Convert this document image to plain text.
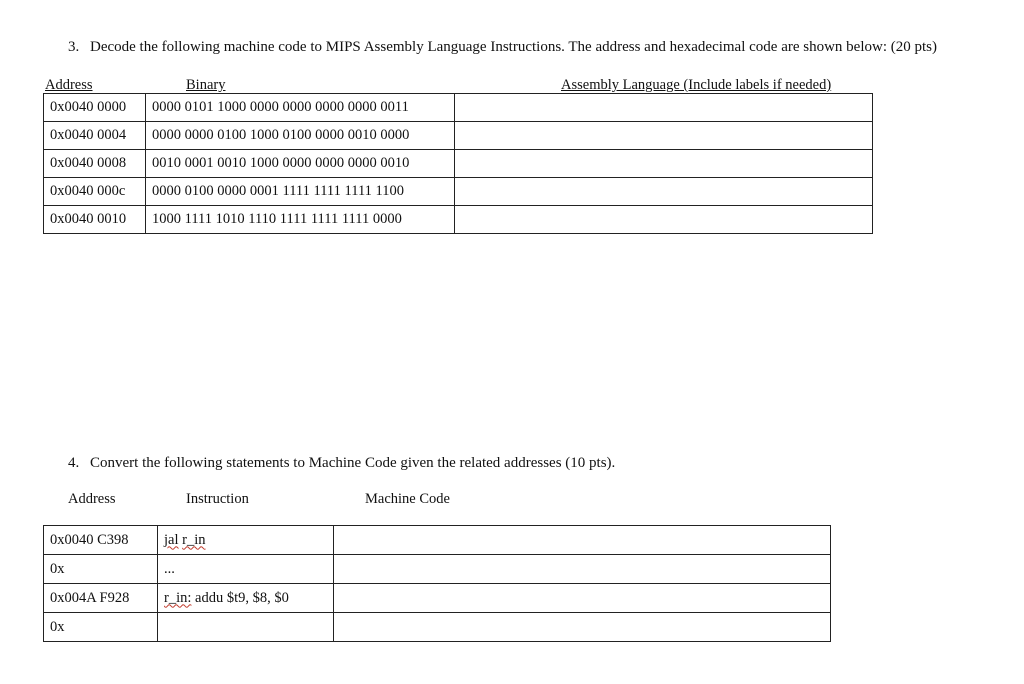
3. Decode the following machine code to MIPS Assembly Language Instructions. The address and hexadecimal code are shown below: (20 pts)
Address	Binary	Assembly Language (Include labels if needed)
0x0040 0000	0000 0101 1000 0000 0000 0000 0000 0011	
0x0040 0004	0000 0000 0100 1000 0100 0000 0010 0000	
0x0040 0008	0010 0001 0010 1000 0000 0000 0000 0010	
0x0040 000c	0000 0100 0000 0001 1111 1111 1111 1100	
0x0040 0010	1000 1111 1010 1110 1111 1111 1111 0000	
4. Convert the following statements to Machine Code given the related addresses (10 pts).
Address	Instruction	Machine Code
0x0040 C398	jal r_in	
0x	...	
0x004A F928	r_in: addu $t9, $8, $0	
0x		
